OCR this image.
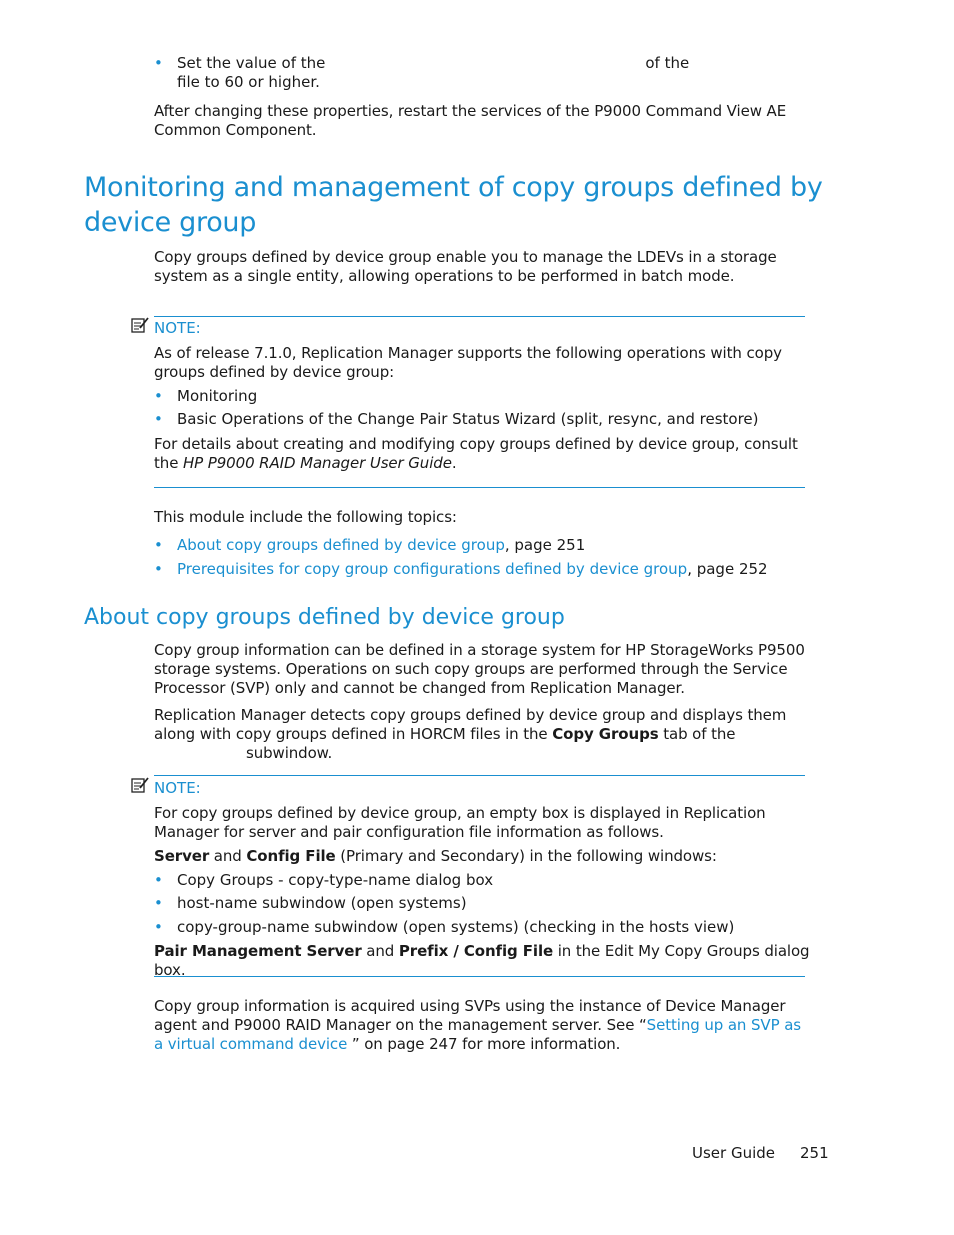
• Set the value of the	of the
file to 60 or higher.
After changing these properties, restart the services of the P9000 Command View AE Common Component.
Monitoring and management of copy groups defined by device group
Copy groups defined by device group enable you to manage the LDEVs in a storage system as a single entity, allowing operations to be performed in batch mode.
NOTE:
As of release 7.1.0, Replication Manager supports the following operations with copy groups defined by device group:
• Monitoring
• Basic Operations of the Change Pair Status Wizard (split, resync, and restore)
For details about creating and modifying copy groups defined by device group, consult the HP P9000 RAID Manager User Guide.
This module include the following topics:
• About copy groups defined by device group, page 251
• Prerequisites for copy group configurations defined by device group, page 252
About copy groups defined by device group
Copy group information can be defined in a storage system for HP StorageWorks P9500 storage systems. Operations on such copy groups are performed through the Service Processor (SVP) only and cannot be changed from Replication Manager.
Replication Manager detects copy groups defined by device group and displays them along with copy groups defined in HORCM files in the Copy Groups tab of thesubwindow.
NOTE:
For copy groups defined by device group, an empty box is displayed in Replication Manager for server and pair configuration file information as follows.
Server and Config File (Primary and Secondary) in the following windows:
• Copy Groups - copy-type-name dialog box
• host-name subwindow (open systems)
• copy-group-name subwindow (open systems) (checking in the hosts view)
Pair Management Server and Prefix / Config File in the Edit My Copy Groups dialog box.
Copy group information is acquired using SVPs using the instance of Device Manager agent and P9000 RAID Manager on the management server. See “Setting up an SVP as a virtual command device ” on page 247 for more information.
User Guide 251
